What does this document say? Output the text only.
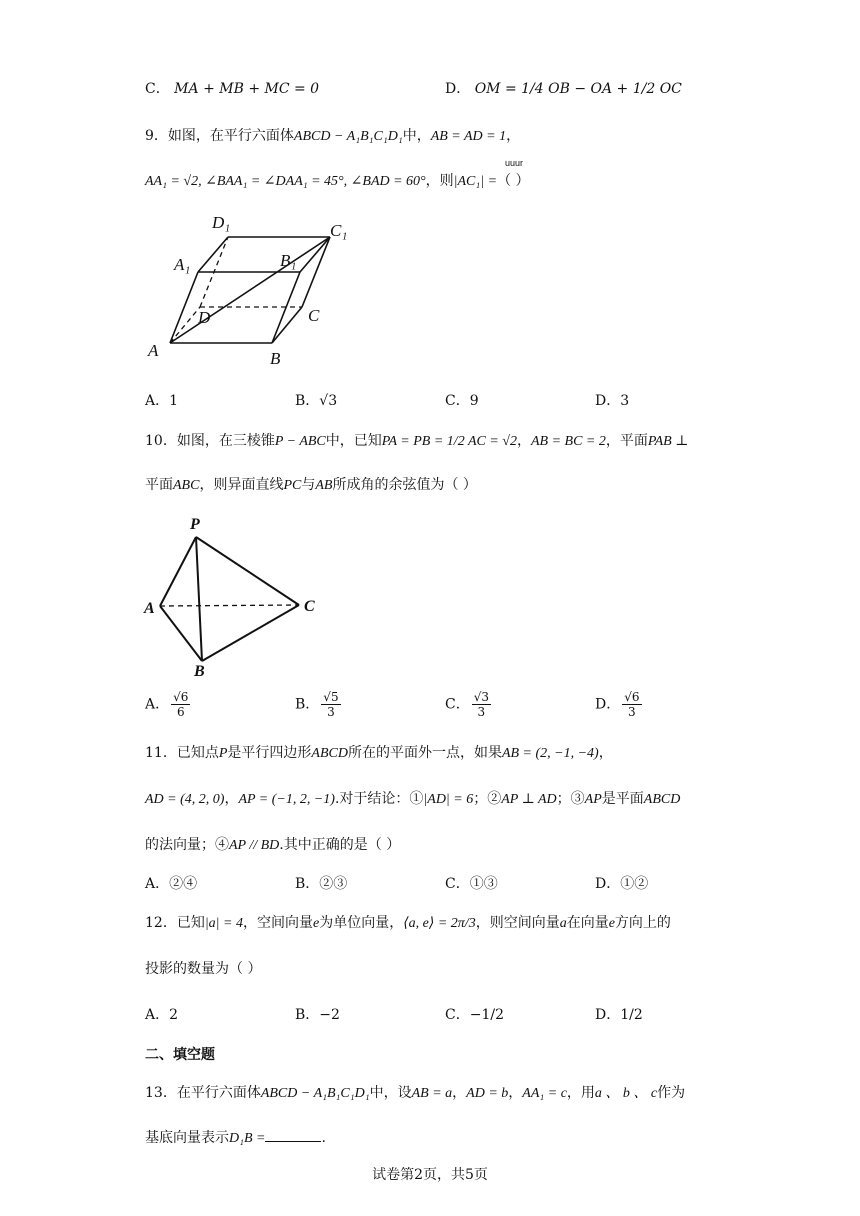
C． MA + MB + MC = 0	D． OM = 1/4 OB − OA + 1/2 OC
9．如图，在平行六面体ABCD − A₁B₁C₁D₁中，AB = AD = 1，
uuur
AA₁ = √2, ∠BAA₁ = ∠DAA₁ = 45°, ∠BAD = 60°，则|AC₁| =（ ）
D₁	C₁
A₁	B₁
D	C
A	B
A．1	B．√3	C．9	D．3
10．如图，在三棱锥P − ABC中，已知PA = PB = 1/2 AC = √2，AB = BC = 2，平面PAB ⊥
平面ABC，则异面直线PC与AB所成角的余弦值为（ ）
P
A	C
B
A． $\frac{√6}{6}$	B． $\frac{√5}{3}$	C． $\frac{√3}{3}$	D． $\frac{√6}{3}$
11．已知点P是平行四边形ABCD所在的平面外一点，如果AB = (2, −1, −4)，
AD = (4, 2, 0)，AP = (−1, 2, −1).对于结论：①|AD| = 6；②AP ⊥ AD；③AP是平面ABCD
的法向量；④AP // BD.其中正确的是（ ）
A．②④	B．②③	C．①③	D．①②
12．已知|a| = 4，空间向量e为单位向量，⟨a, e⟩ = 2π/3，则空间向量a在向量e方向上的
投影的数量为（ ）
A．2	B．−2	C．−1/2	D．1/2
二、填空题
13．在平行六面体ABCD − A₁B₁C₁D₁中，设AB = a，AD = b，AA₁ = c，用a 、 b 、 c作为
基底向量表示D₁B =	.
试卷第2页，共5页
